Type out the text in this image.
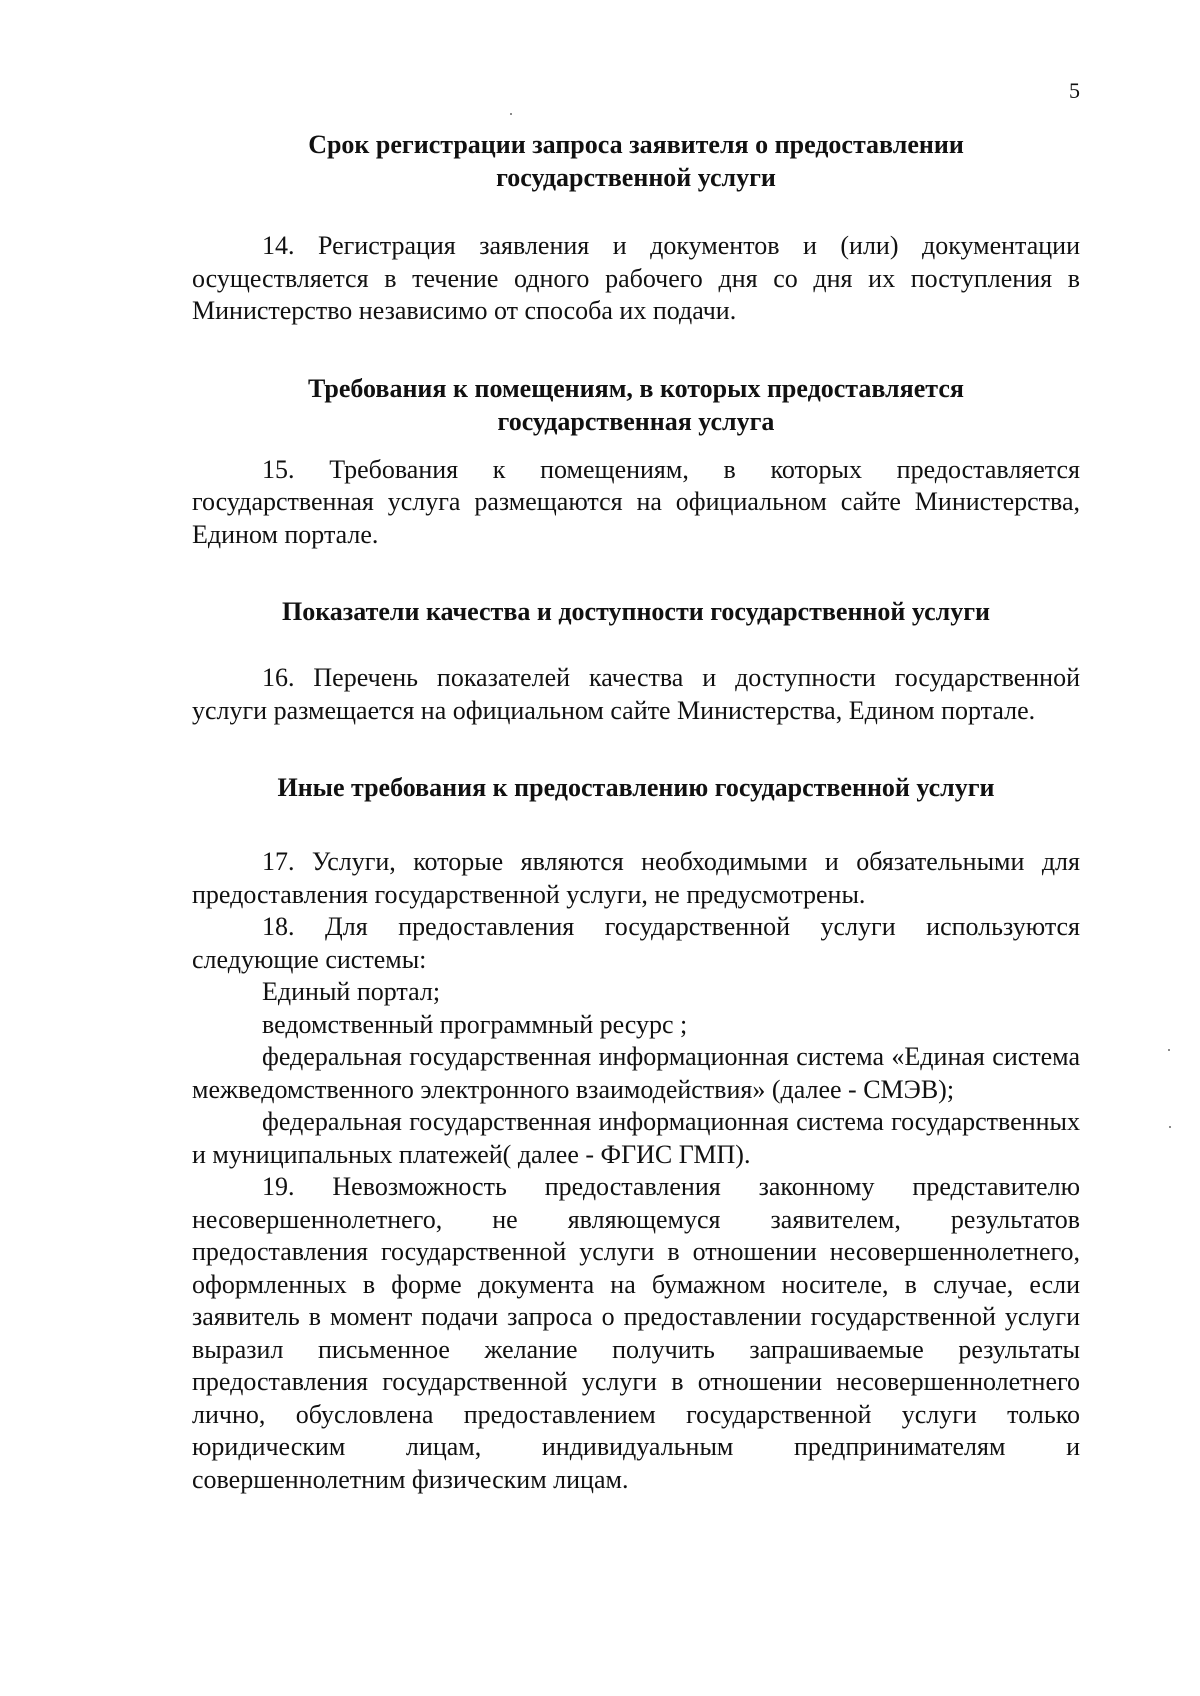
5
Срок регистрации запроса заявителя о предоставлении
государственной услуги

14. Регистрация заявления и документов и (или) документации осуществляется в течение одного рабочего дня со дня их поступления в Министерство независимо от способа их подачи.

Требования к помещениям, в которых предоставляется
государственная услуга

15. Требования к помещениям, в которых предоставляется государственная услуга размещаются на официальном сайте Министерства, Едином портале.

Показатели качества и доступности государственной услуги

16. Перечень показателей качества и доступности государственной услуги размещается на официальном сайте Министерства, Едином портале.

Иные требования к предоставлению государственной услуги

17. Услуги, которые являются необходимыми и обязательными для предоставления государственной услуги, не предусмотрены.

18. Для предоставления государственной услуги используются следующие системы:

Единый портал;

ведомственный программный ресурс ;

федеральная государственная информационная система «Единая система межведомственного электронного взаимодействия» (далее - СМЭВ);

федеральная государственная информационная система государственных и муниципальных платежей( далее - ФГИС ГМП).

19. Невозможность предоставления законному представителю несовершеннолетнего, не являющемуся заявителем, результатов предоставления государственной услуги в отношении несовершеннолетнего, оформленных в форме документа на бумажном носителе, в случае, если заявитель в момент подачи запроса о предоставлении государственной услуги выразил письменное желание получить запрашиваемые результаты предоставления государственной услуги в отношении несовершеннолетнего лично, обусловлена предоставлением государственной услуги только юридическим лицам, индивидуальным предпринимателям и совершеннолетним физическим лицам.
